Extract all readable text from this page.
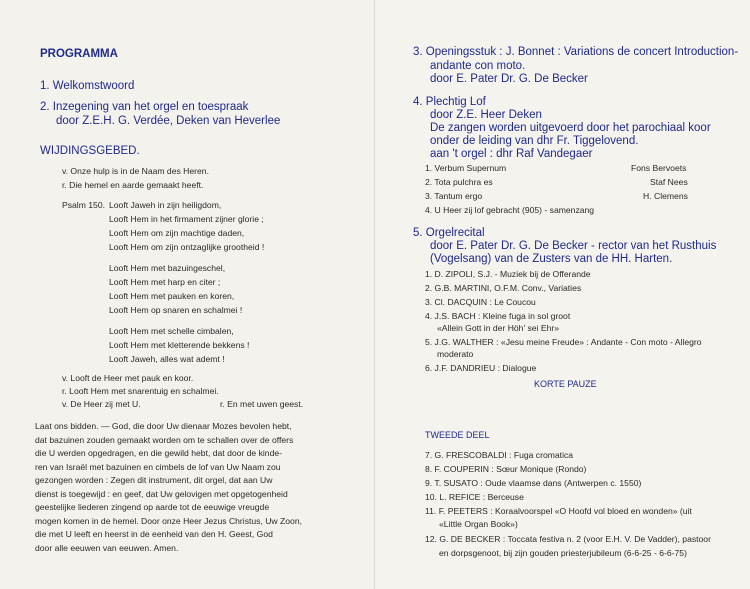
PROGRAMMA
1. Welkomstwoord
2. Inzegening van het orgel en toespraak
door Z.E.H. G. Verdée, Deken van Heverlee
WIJDINGSGEBED.
v. Onze hulp is in de Naam des Heren.
r. Die hemel en aarde gemaakt heeft.
Psalm 150. Looft Jaweh in zijn heiligdom,
Looft Hem in het firmament zijner glorie ;
Looft Hem om zijn machtige daden,
Looft Hem om zijn ontzaglijke grootheid !
Looft Hem met bazuingeschel,
Looft Hem met harp en citer ;
Looft Hem met pauken en koren,
Looft Hem op snaren en schalmei !
Looft Hem met schelle cimbalen,
Looft Hem met kletterende bekkens !
Looft Jaweh, alles wat ademt !
v. Looft de Heer met pauk en koor.
r. Looft Hem met snarentuig en schalmei.
v. De Heer zij met U.	r. En met uwen geest.
Laat ons bidden. — God, die door Uw dienaar Mozes bevolen hebt,
dat bazuinen zouden gemaakt worden om te schallen over de offers
die U werden opgedragen, en die gewild hebt, dat door de kinde-
ren van Israël met bazuinen en cimbels de lof van Uw Naam zou
gezongen worden : Zegen dit instrument, dit orgel, dat aan Uw
dienst is toegewijd : en geef, dat Uw gelovigen met opgetogenheid
geestelijke liederen zingend op aarde tot de eeuwige vreugde
mogen komen in de hemel. Door onze Heer Jezus Christus, Uw Zoon,
die met U leeft en heerst in de eenheid van den H. Geest, God
door alle eeuwen van eeuwen. Amen.
3. Openingsstuk : J. Bonnet : Variations de concert Introduction-
andante con moto.
door E. Pater Dr. G. De Becker
4. Plechtig Lof
door Z.E. Heer Deken
De zangen worden uitgevoerd door het parochiaal koor
onder de leiding van dhr Fr. Tiggelovend.
aan 't orgel : dhr Raf Vandegaer
1. Verbum Supernum	Fons Bervoets
2. Tota pulchra es	Staf Nees
3. Tantum ergo	H. Clemens
4. U Heer zij lof gebracht (905) - samenzang
5. Orgelrecital
door E. Pater Dr. G. De Becker - rector van het Rusthuis
(Vogelsang) van de Zusters van de HH. Harten.
1. D. ZIPOLI, S.J. - Muziek bij de Offerande
2. G.B. MARTINI, O.F.M. Conv., Variaties
3. Cl. DACQUIN : Le Coucou
4. J.S. BACH : Kleine fuga in sol groot
«Allein Gott in der Höh' sei Ehr»
5. J.G. WALTHER : «Jesu meine Freude» : Andante - Con moto - Allegro
moderato
6. J.F. DANDRIEU : Dialogue
KORTE PAUZE
TWEEDE DEEL
7. G. FRESCOBALDI : Fuga cromatica
8. F. COUPERIN : Sœur Monique (Rondo)
9. T. SUSATO : Oude vlaamse dans (Antwerpen c. 1550)
10. L. REFICE : Berceuse
11. F. PEETERS : Koraalvoorspel «O Hoofd vol bloed en wonden» (uit
«Little Organ Book»)
12. G. DE BECKER : Toccata festiva n. 2 (voor E.H. V. De Vadder), pastoor
en dorpsgenoot, bij zijn gouden priesterjubileum (6-6-25 - 6-6-75)
